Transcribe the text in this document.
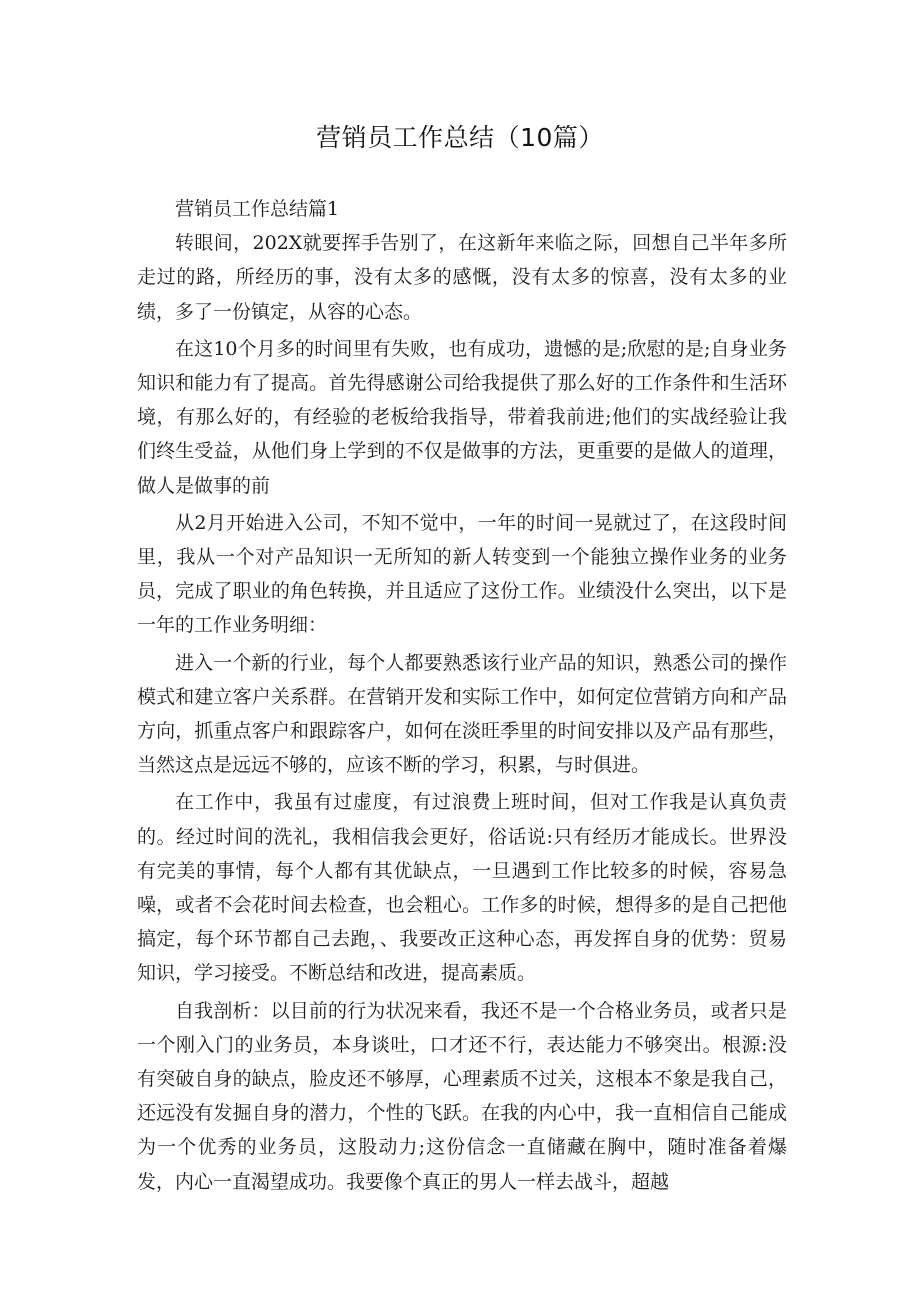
营销员工作总结（10篇）

营销员工作总结篇1

转眼间，202X就要挥手告别了，在这新年来临之际，回想自己半年多所走过的路，所经历的事，没有太多的感慨，没有太多的惊喜，没有太多的业绩，多了一份镇定，从容的心态。

在这10个月多的时间里有失败，也有成功，遗憾的是;欣慰的是;自身业务知识和能力有了提高。首先得感谢公司给我提供了那么好的工作条件和生活环境，有那么好的，有经验的老板给我指导，带着我前进;他们的实战经验让我们终生受益，从他们身上学到的不仅是做事的方法，更重要的是做人的道理，做人是做事的前

从2月开始进入公司，不知不觉中，一年的时间一晃就过了，在这段时间里，我从一个对产品知识一无所知的新人转变到一个能独立操作业务的业务员，完成了职业的角色转换，并且适应了这份工作。业绩没什么突出，以下是一年的工作业务明细：

进入一个新的行业，每个人都要熟悉该行业产品的知识，熟悉公司的操作模式和建立客户关系群。在营销开发和实际工作中，如何定位营销方向和产品方向，抓重点客户和跟踪客户，如何在淡旺季里的时间安排以及产品有那些，当然这点是远远不够的，应该不断的学习，积累，与时俱进。

在工作中，我虽有过虚度，有过浪费上班时间，但对工作我是认真负责的。经过时间的洗礼，我相信我会更好，俗话说:只有经历才能成长。世界没有完美的事情，每个人都有其优缺点，一旦遇到工作比较多的时候，容易急噪，或者不会花时间去检查，也会粗心。工作多的时候，想得多的是自己把他搞定，每个环节都自己去跑，、我要改正这种心态，再发挥自身的优势：贸易知识，学习接受。不断总结和改进，提高素质。

自我剖析：以目前的行为状况来看，我还不是一个合格业务员，或者只是一个刚入门的业务员，本身谈吐，口才还不行，表达能力不够突出。根源:没有突破自身的缺点，脸皮还不够厚，心理素质不过关，这根本不象是我自己，还远没有发掘自身的潜力，个性的飞跃。在我的内心中，我一直相信自己能成为一个优秀的业务员，这股动力;这份信念一直储藏在胸中，随时准备着爆发，内心一直渴望成功。我要像个真正的男人一样去战斗，超越
